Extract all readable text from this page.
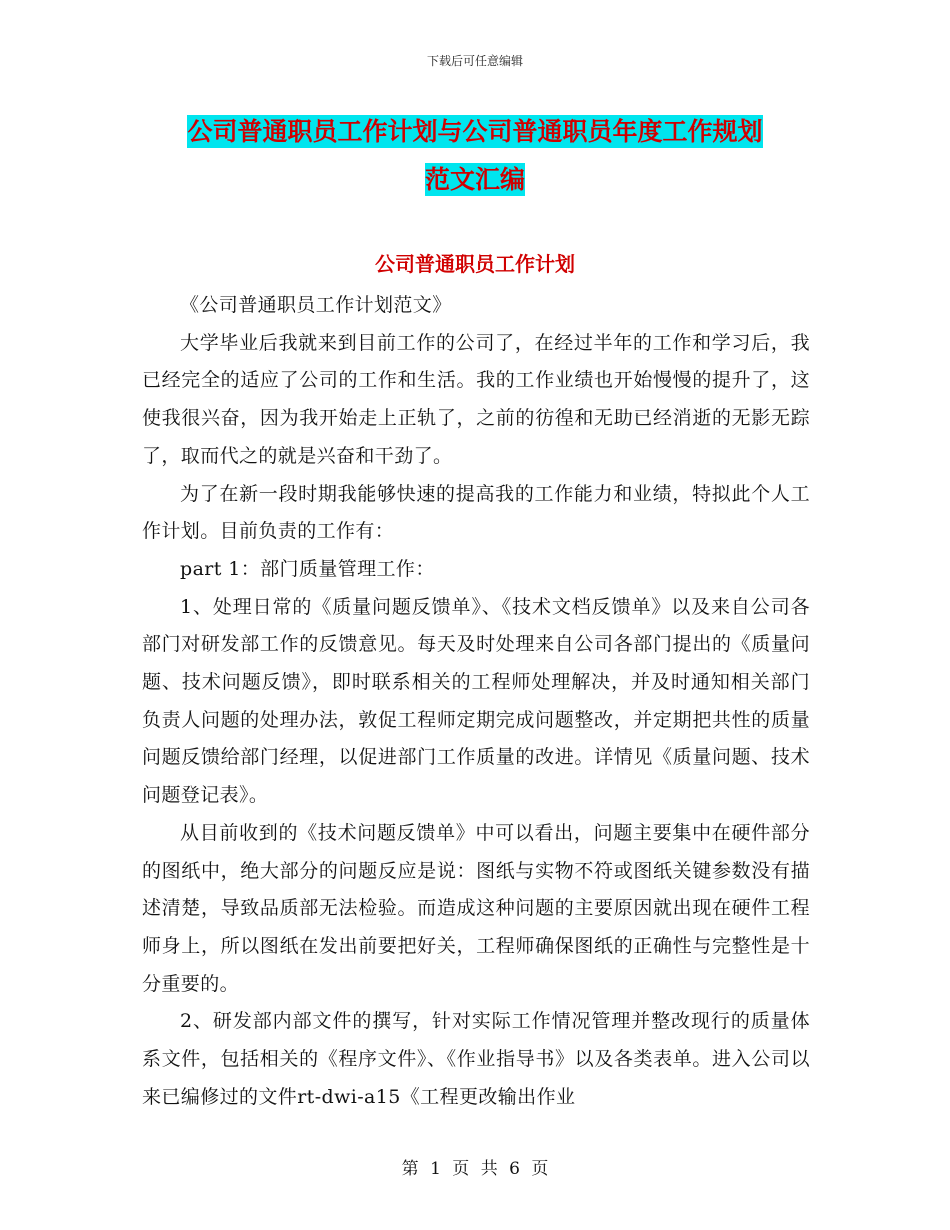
下载后可任意编辑
公司普通职员工作计划与公司普通职员年度工作规划
范文汇编
公司普通职员工作计划

《公司普通职员工作计划范文》

大学毕业后我就来到目前工作的公司了，在经过半年的工作和学习后，我已经完全的适应了公司的工作和生活。我的工作业绩也开始慢慢的提升了，这使我很兴奋，因为我开始走上正轨了，之前的彷徨和无助已经消逝的无影无踪了，取而代之的就是兴奋和干劲了。

为了在新一段时期我能够快速的提高我的工作能力和业绩，特拟此个人工作计划。目前负责的工作有：

part 1：部门质量管理工作：

1、处理日常的《质量问题反馈单》、《技术文档反馈单》以及来自公司各部门对研发部工作的反馈意见。每天及时处理来自公司各部门提出的《质量问题、技术问题反馈》，即时联系相关的工程师处理解决，并及时通知相关部门负责人问题的处理办法，敦促工程师定期完成问题整改，并定期把共性的质量问题反馈给部门经理，以促进部门工作质量的改进。详情见《质量问题、技术问题登记表》。

从目前收到的《技术问题反馈单》中可以看出，问题主要集中在硬件部分的图纸中，绝大部分的问题反应是说：图纸与实物不符或图纸关键参数没有描述清楚，导致品质部无法检验。而造成这种问题的主要原因就出现在硬件工程师身上，所以图纸在发出前要把好关，工程师确保图纸的正确性与完整性是十分重要的。

2、研发部内部文件的撰写，针对实际工作情况管理并整改现行的质量体系文件，包括相关的《程序文件》、《作业指导书》以及各类表单。进入公司以来已编修过的文件rt-dwi-a15《工程更改输出作业

第 1 页 共 6 页
